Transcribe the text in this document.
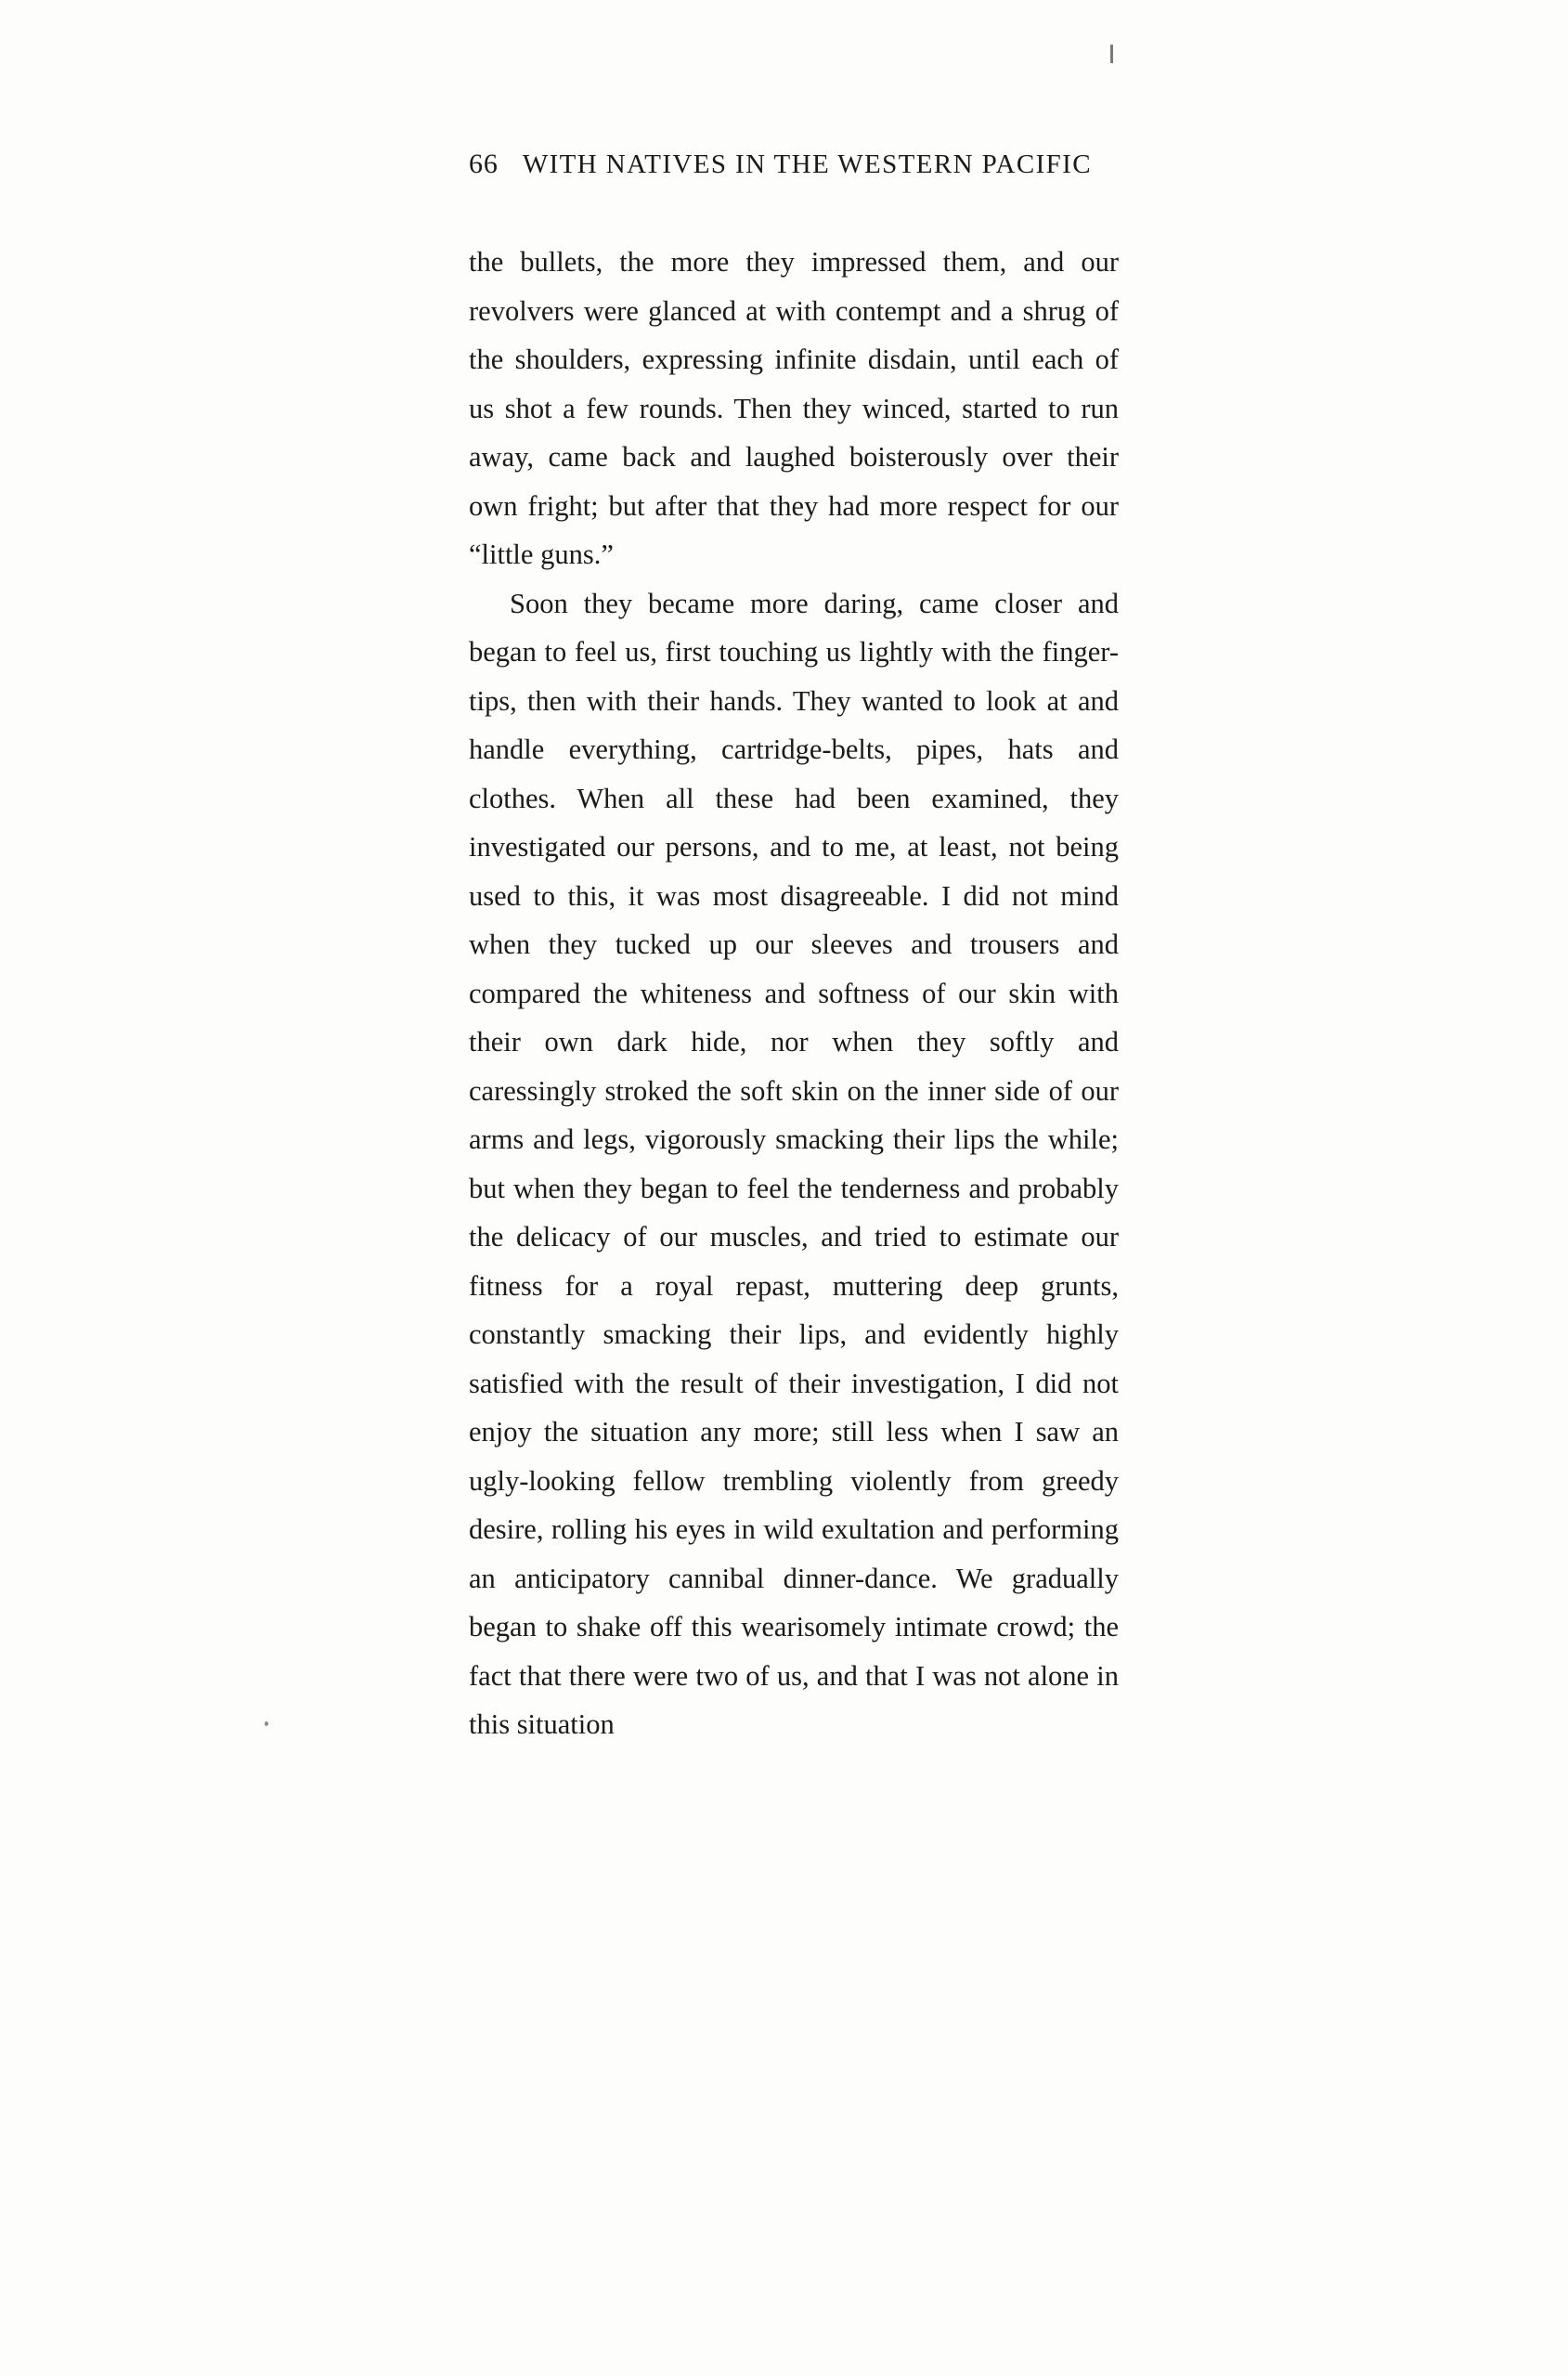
66 WITH NATIVES IN THE WESTERN PACIFIC

the bullets, the more they impressed them, and our revolvers were glanced at with contempt and a shrug of the shoulders, expressing infinite disdain, until each of us shot a few rounds. Then they winced, started to run away, came back and laughed boisterously over their own fright; but after that they had more respect for our “little guns.”

Soon they became more daring, came closer and began to feel us, first touching us lightly with the finger-tips, then with their hands. They wanted to look at and handle everything, cartridge-belts, pipes, hats and clothes. When all these had been examined, they investigated our persons, and to me, at least, not being used to this, it was most disagreeable. I did not mind when they tucked up our sleeves and trousers and compared the whiteness and softness of our skin with their own dark hide, nor when they softly and caressingly stroked the soft skin on the inner side of our arms and legs, vigorously smacking their lips the while; but when they began to feel the tenderness and probably the delicacy of our muscles, and tried to estimate our fitness for a royal repast, muttering deep grunts, constantly smacking their lips, and evidently highly satisfied with the result of their investigation, I did not enjoy the situation any more; still less when I saw an ugly-looking fellow trembling violently from greedy desire, rolling his eyes in wild exultation and performing an anticipatory cannibal dinner-dance. We gradually began to shake off this wearisomely intimate crowd; the fact that there were two of us, and that I was not alone in this situation
